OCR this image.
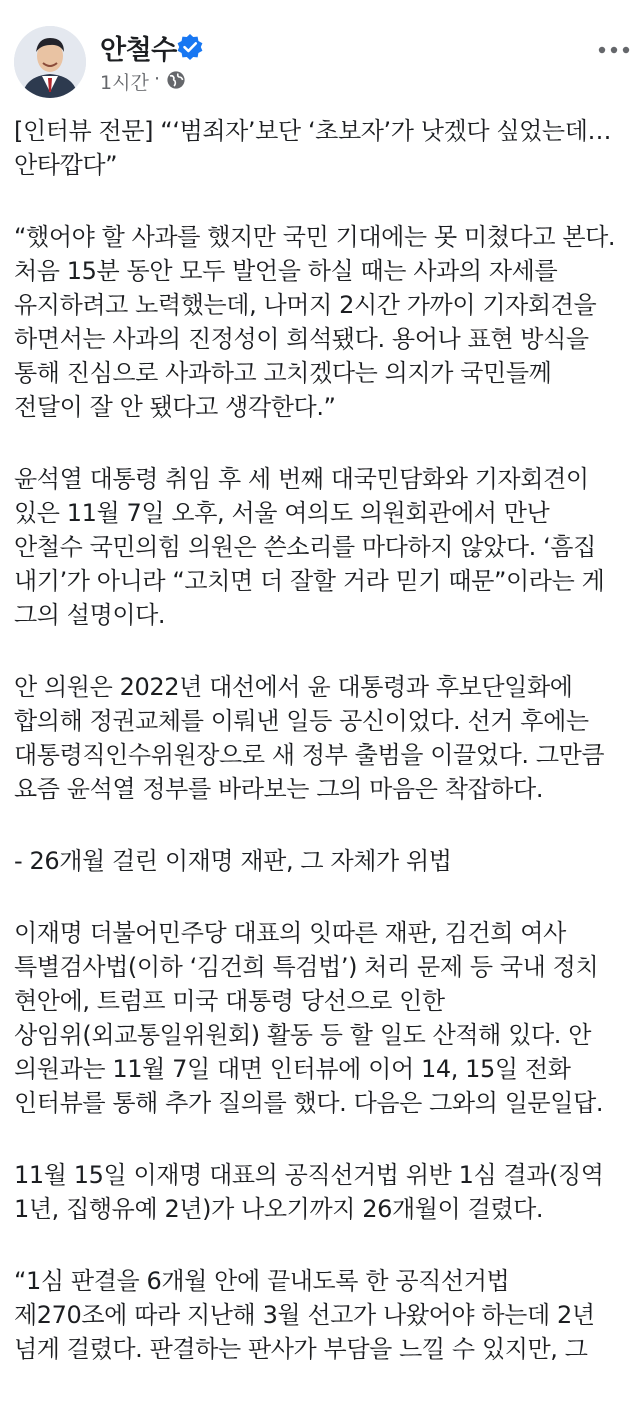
안철수
1시간 ·

[인터뷰 전문] “‘범죄자’보단 ‘초보자’가 낫겠다 싶었는데…
안타깝다”

“했어야 할 사과를 했지만 국민 기대에는 못 미쳤다고 본다.
처음 15분 동안 모두 발언을 하실 때는 사과의 자세를
유지하려고 노력했는데, 나머지 2시간 가까이 기자회견을
하면서는 사과의 진정성이 희석됐다. 용어나 표현 방식을
통해 진심으로 사과하고 고치겠다는 의지가 국민들께
전달이 잘 안 됐다고 생각한다.”

윤석열 대통령 취임 후 세 번째 대국민담화와 기자회견이
있은 11월 7일 오후, 서울 여의도 의원회관에서 만난
안철수 국민의힘 의원은 쓴소리를 마다하지 않았다. ‘흠집
내기’가 아니라 “고치면 더 잘할 거라 믿기 때문”이라는 게
그의 설명이다.

안 의원은 2022년 대선에서 윤 대통령과 후보단일화에
합의해 정권교체를 이뤄낸 일등 공신이었다. 선거 후에는
대통령직인수위원장으로 새 정부 출범을 이끌었다. 그만큼
요즘 윤석열 정부를 바라보는 그의 마음은 착잡하다.

- 26개월 걸린 이재명 재판, 그 자체가 위법

이재명 더불어민주당 대표의 잇따른 재판, 김건희 여사
특별검사법(이하 ‘김건희 특검법’) 처리 문제 등 국내 정치
현안에, 트럼프 미국 대통령 당선으로 인한
상임위(외교통일위원회) 활동 등 할 일도 산적해 있다. 안
의원과는 11월 7일 대면 인터뷰에 이어 14, 15일 전화
인터뷰를 통해 추가 질의를 했다. 다음은 그와의 일문일답.

11월 15일 이재명 대표의 공직선거법 위반 1심 결과(징역
1년, 집행유예 2년)가 나오기까지 26개월이 걸렸다.

“1심 판결을 6개월 안에 끝내도록 한 공직선거법
제270조에 따라 지난해 3월 선고가 나왔어야 하는데 2년
넘게 걸렸다. 판결하는 판사가 부담을 느낄 수 있지만, 그
